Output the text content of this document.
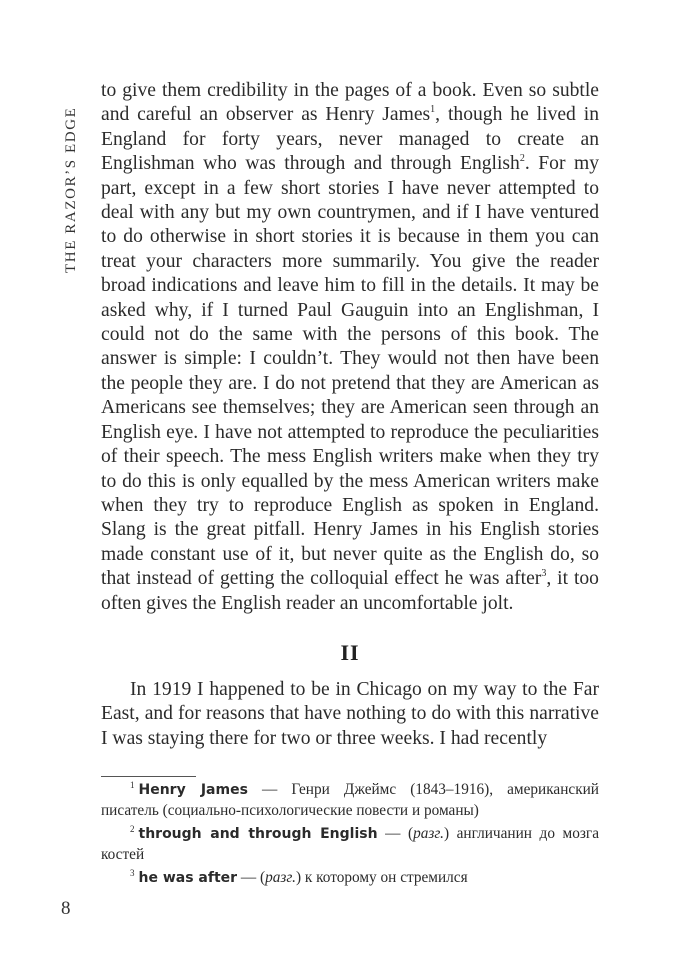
THE RAZOR’S EDGE

to give them credibility in the pages of a book. Even so subtle and careful an observer as Henry James$^1$, though he lived in England for forty years, never managed to create an Englishman who was through and through English$^2$. For my part, except in a few short stories I have never attempted to deal with any but my own countrymen, and if I have ventured to do otherwise in short stories it is because in them you can treat your characters more summarily. You give the reader broad indications and leave him to fill in the details. It may be asked why, if I turned Paul Gauguin into an Englishman, I could not do the same with the persons of this book. The answer is simple: I couldn’t. They would not then have been the people they are. I do not pretend that they are American as Americans see themselves; they are American seen through an English eye. I have not attempted to reproduce the peculiarities of their speech. The mess English writers make when they try to do this is only equalled by the mess American writers make when they try to reproduce English as spoken in England. Slang is the great pitfall. Henry James in his English stories made constant use of it, but never quite as the English do, so that instead of getting the colloquial effect he was after$^3$, it too often gives the English reader an uncomfortable jolt.

II

In 1919 I happened to be in Chicago on my way to the Far East, and for reasons that have nothing to do with this narrative I was staying there for two or three weeks. I had recently

$^1$ Henry James — Генри Джеймс (1843–1916), американский писатель (социально-психологические повести и романы)

$^2$ through and through English — (разг.) англичанин до мозга костей

$^3$ he was after — (разг.) к которому он стремился

8
